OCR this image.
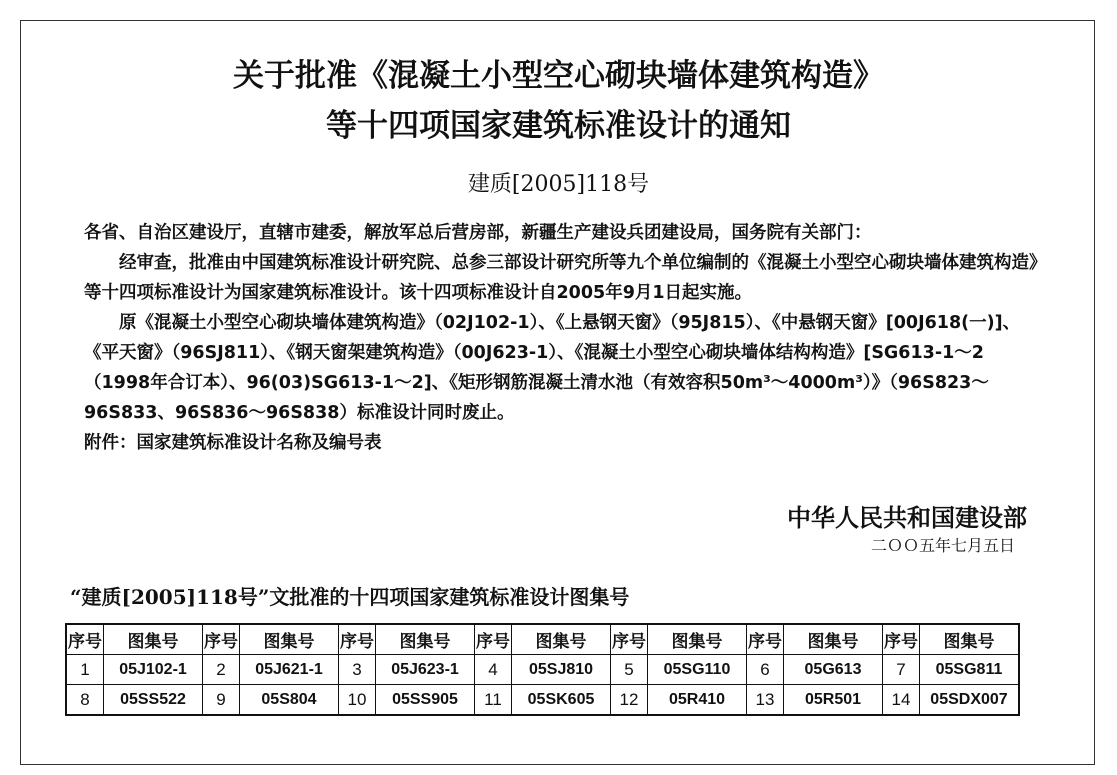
关于批准《混凝土小型空心砌块墙体建筑构造》
等十四项国家建筑标准设计的通知
建质[2005]118号

各省、自治区建设厅，直辖市建委，解放军总后营房部，新疆生产建设兵团建设局，国务院有关部门：

经审查，批准由中国建筑标准设计研究院、总参三部设计研究所等九个单位编制的《混凝土小型空心砌块墙体建筑构造》等十四项标准设计为国家建筑标准设计。该十四项标准设计自2005年9月1日起实施。

原《混凝土小型空心砌块墙体建筑构造》（02J102-1）、《上悬钢天窗》（95J815）、《中悬钢天窗》[00J618(一)]、《平天窗》（96SJ811）、《钢天窗架建筑构造》（00J623-1）、《混凝土小型空心砌块墙体结构构造》[SG613-1～2（1998年合订本）、96(03)SG613-1～2]、《矩形钢筋混凝土清水池（有效容积50m³～4000m³）》（96S823～96S833、96S836～96S838）标准设计同时废止。

附件：国家建筑标准设计名称及编号表

中华人民共和国建设部
二ＯＯ五年七月五日
“建质[2005]118号”文批准的十四项国家建筑标准设计图集号
序号	图集号	序号	图集号	序号	图集号	序号	图集号	序号	图集号	序号	图集号	序号	图集号
1	05J102-1	2	05J621-1	3	05J623-1	4	05SJ810	5	05SG110	6	05G613	7	05SG811
8	05SS522	9	05S804	10	05SS905	11	05SK605	12	05R410	13	05R501	14	05SDX007
